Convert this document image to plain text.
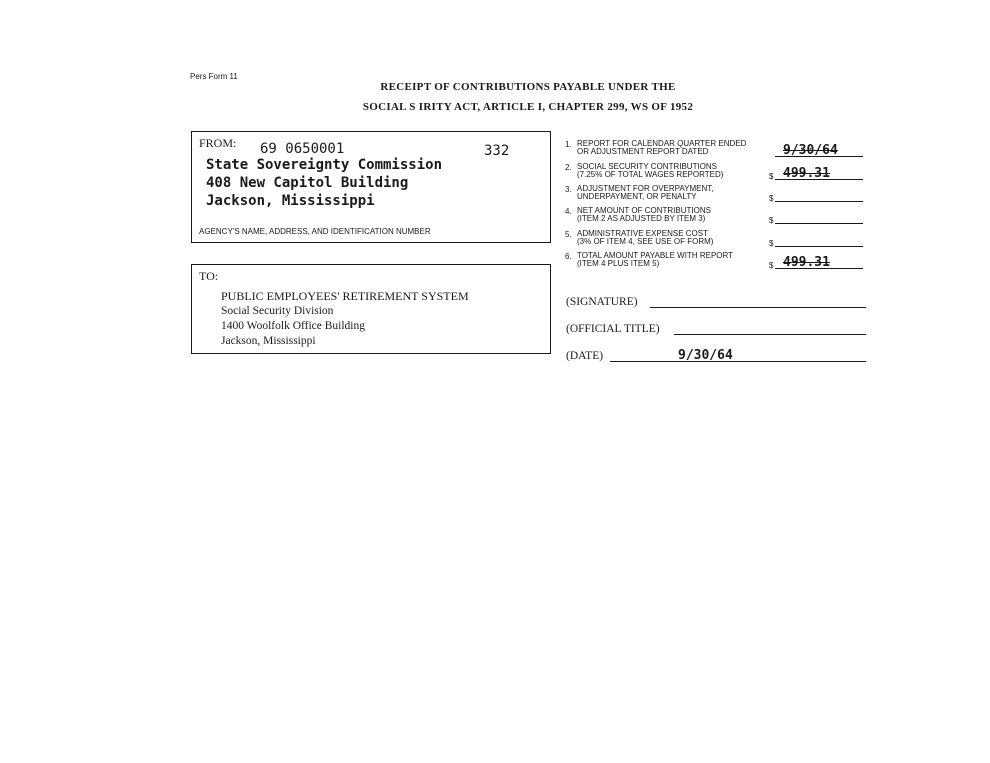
Pers Form 11
RECEIPT OF CONTRIBUTIONS PAYABLE UNDER THE
SOCIAL S IRITY ACT, ARTICLE I, CHAPTER 299, WS OF 1952
FROM: 69 0650001	332
State Sovereignty Commission
408 New Capitol Building
Jackson, Mississippi
AGENCY'S NAME, ADDRESS, AND IDENTIFICATION NUMBER
TO:
PUBLIC EMPLOYEES' RETIREMENT SYSTEM
Social Security Division
1400 Woolfolk Office Building
Jackson, Mississippi
1. REPORT FOR CALENDAR QUARTER ENDED
OR ADJUSTMENT REPORT DATED	9/30/64
2. SOCIAL SECURITY CONTRIBUTIONS
(7.25% OF TOTAL WAGES REPORTED)	$ 499.31
3. ADJUSTMENT FOR OVERPAYMENT,
UNDERPAYMENT, OR PENALTY	$
4. NET AMOUNT OF CONTRIBUTIONS
(ITEM 2 AS ADJUSTED BY ITEM 3)	$
5. ADMINISTRATIVE EXPENSE COST
(3% OF ITEM 4, SEE USE OF FORM)	$
6. TOTAL AMOUNT PAYABLE WITH REPORT
(ITEM 4 PLUS ITEM 5)	$ 499.31
(SIGNATURE)
(OFFICIAL TITLE)
(DATE)	9/30/64
